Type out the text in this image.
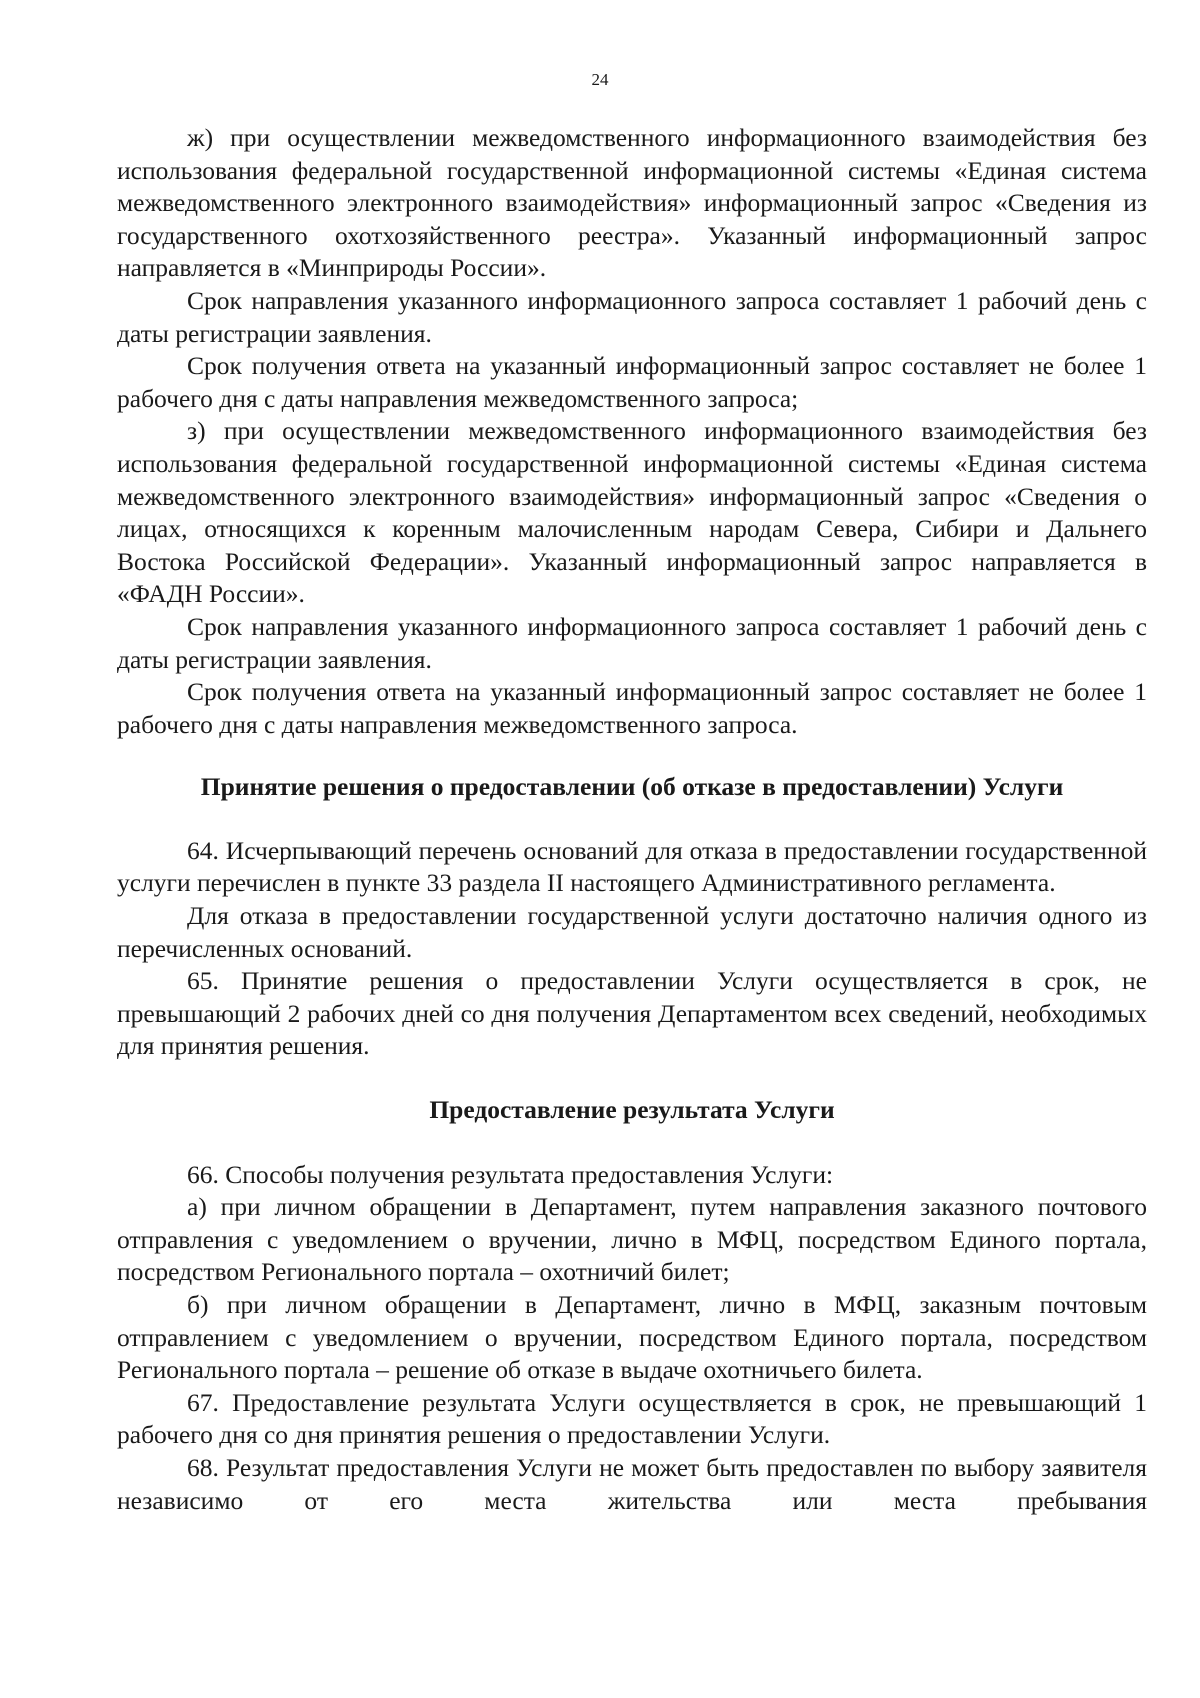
24

ж) при осуществлении межведомственного информационного взаимодействия без использования федеральной государственной информационной системы «Единая система межведомственного электронного взаимодействия» информационный запрос «Сведения из государственного охотхозяйственного реестра». Указанный информационный запрос направляется в «Минприроды России».

Срок направления указанного информационного запроса составляет 1 рабочий день с даты регистрации заявления.

Срок получения ответа на указанный информационный запрос составляет не более 1 рабочего дня с даты направления межведомственного запроса;

з) при осуществлении межведомственного информационного взаимодействия без использования федеральной государственной информационной системы «Единая система межведомственного электронного взаимодействия» информационный запрос «Сведения о лицах, относящихся к коренным малочисленным народам Севера, Сибири и Дальнего Востока Российской Федерации». Указанный информационный запрос направляется в «ФАДН России».

Срок направления указанного информационного запроса составляет 1 рабочий день с даты регистрации заявления.

Срок получения ответа на указанный информационный запрос составляет не более 1 рабочего дня с даты направления межведомственного запроса.

Принятие решения о предоставлении (об отказе в предоставлении) Услуги

64. Исчерпывающий перечень оснований для отказа в предоставлении государственной услуги перечислен в пункте 33 раздела II настоящего Административного регламента.

Для отказа в предоставлении государственной услуги достаточно наличия одного из перечисленных оснований.

65. Принятие решения о предоставлении Услуги осуществляется в срок, не превышающий 2 рабочих дней со дня получения Департаментом всех сведений, необходимых для принятия решения.

Предоставление результата Услуги

66. Способы получения результата предоставления Услуги:

а) при личном обращении в Департамент, путем направления заказного почтового отправления с уведомлением о вручении, лично в МФЦ, посредством Единого портала, посредством Регионального портала – охотничий билет;

б) при личном обращении в Департамент, лично в МФЦ, заказным почтовым отправлением с уведомлением о вручении, посредством Единого портала, посредством Регионального портала – решение об отказе в выдаче охотничьего билета.

67. Предоставление результата Услуги осуществляется в срок, не превышающий 1 рабочего дня со дня принятия решения о предоставлении Услуги.

68. Результат предоставления Услуги не может быть предоставлен по выбору заявителя независимо от его места жительства или места пребывания
